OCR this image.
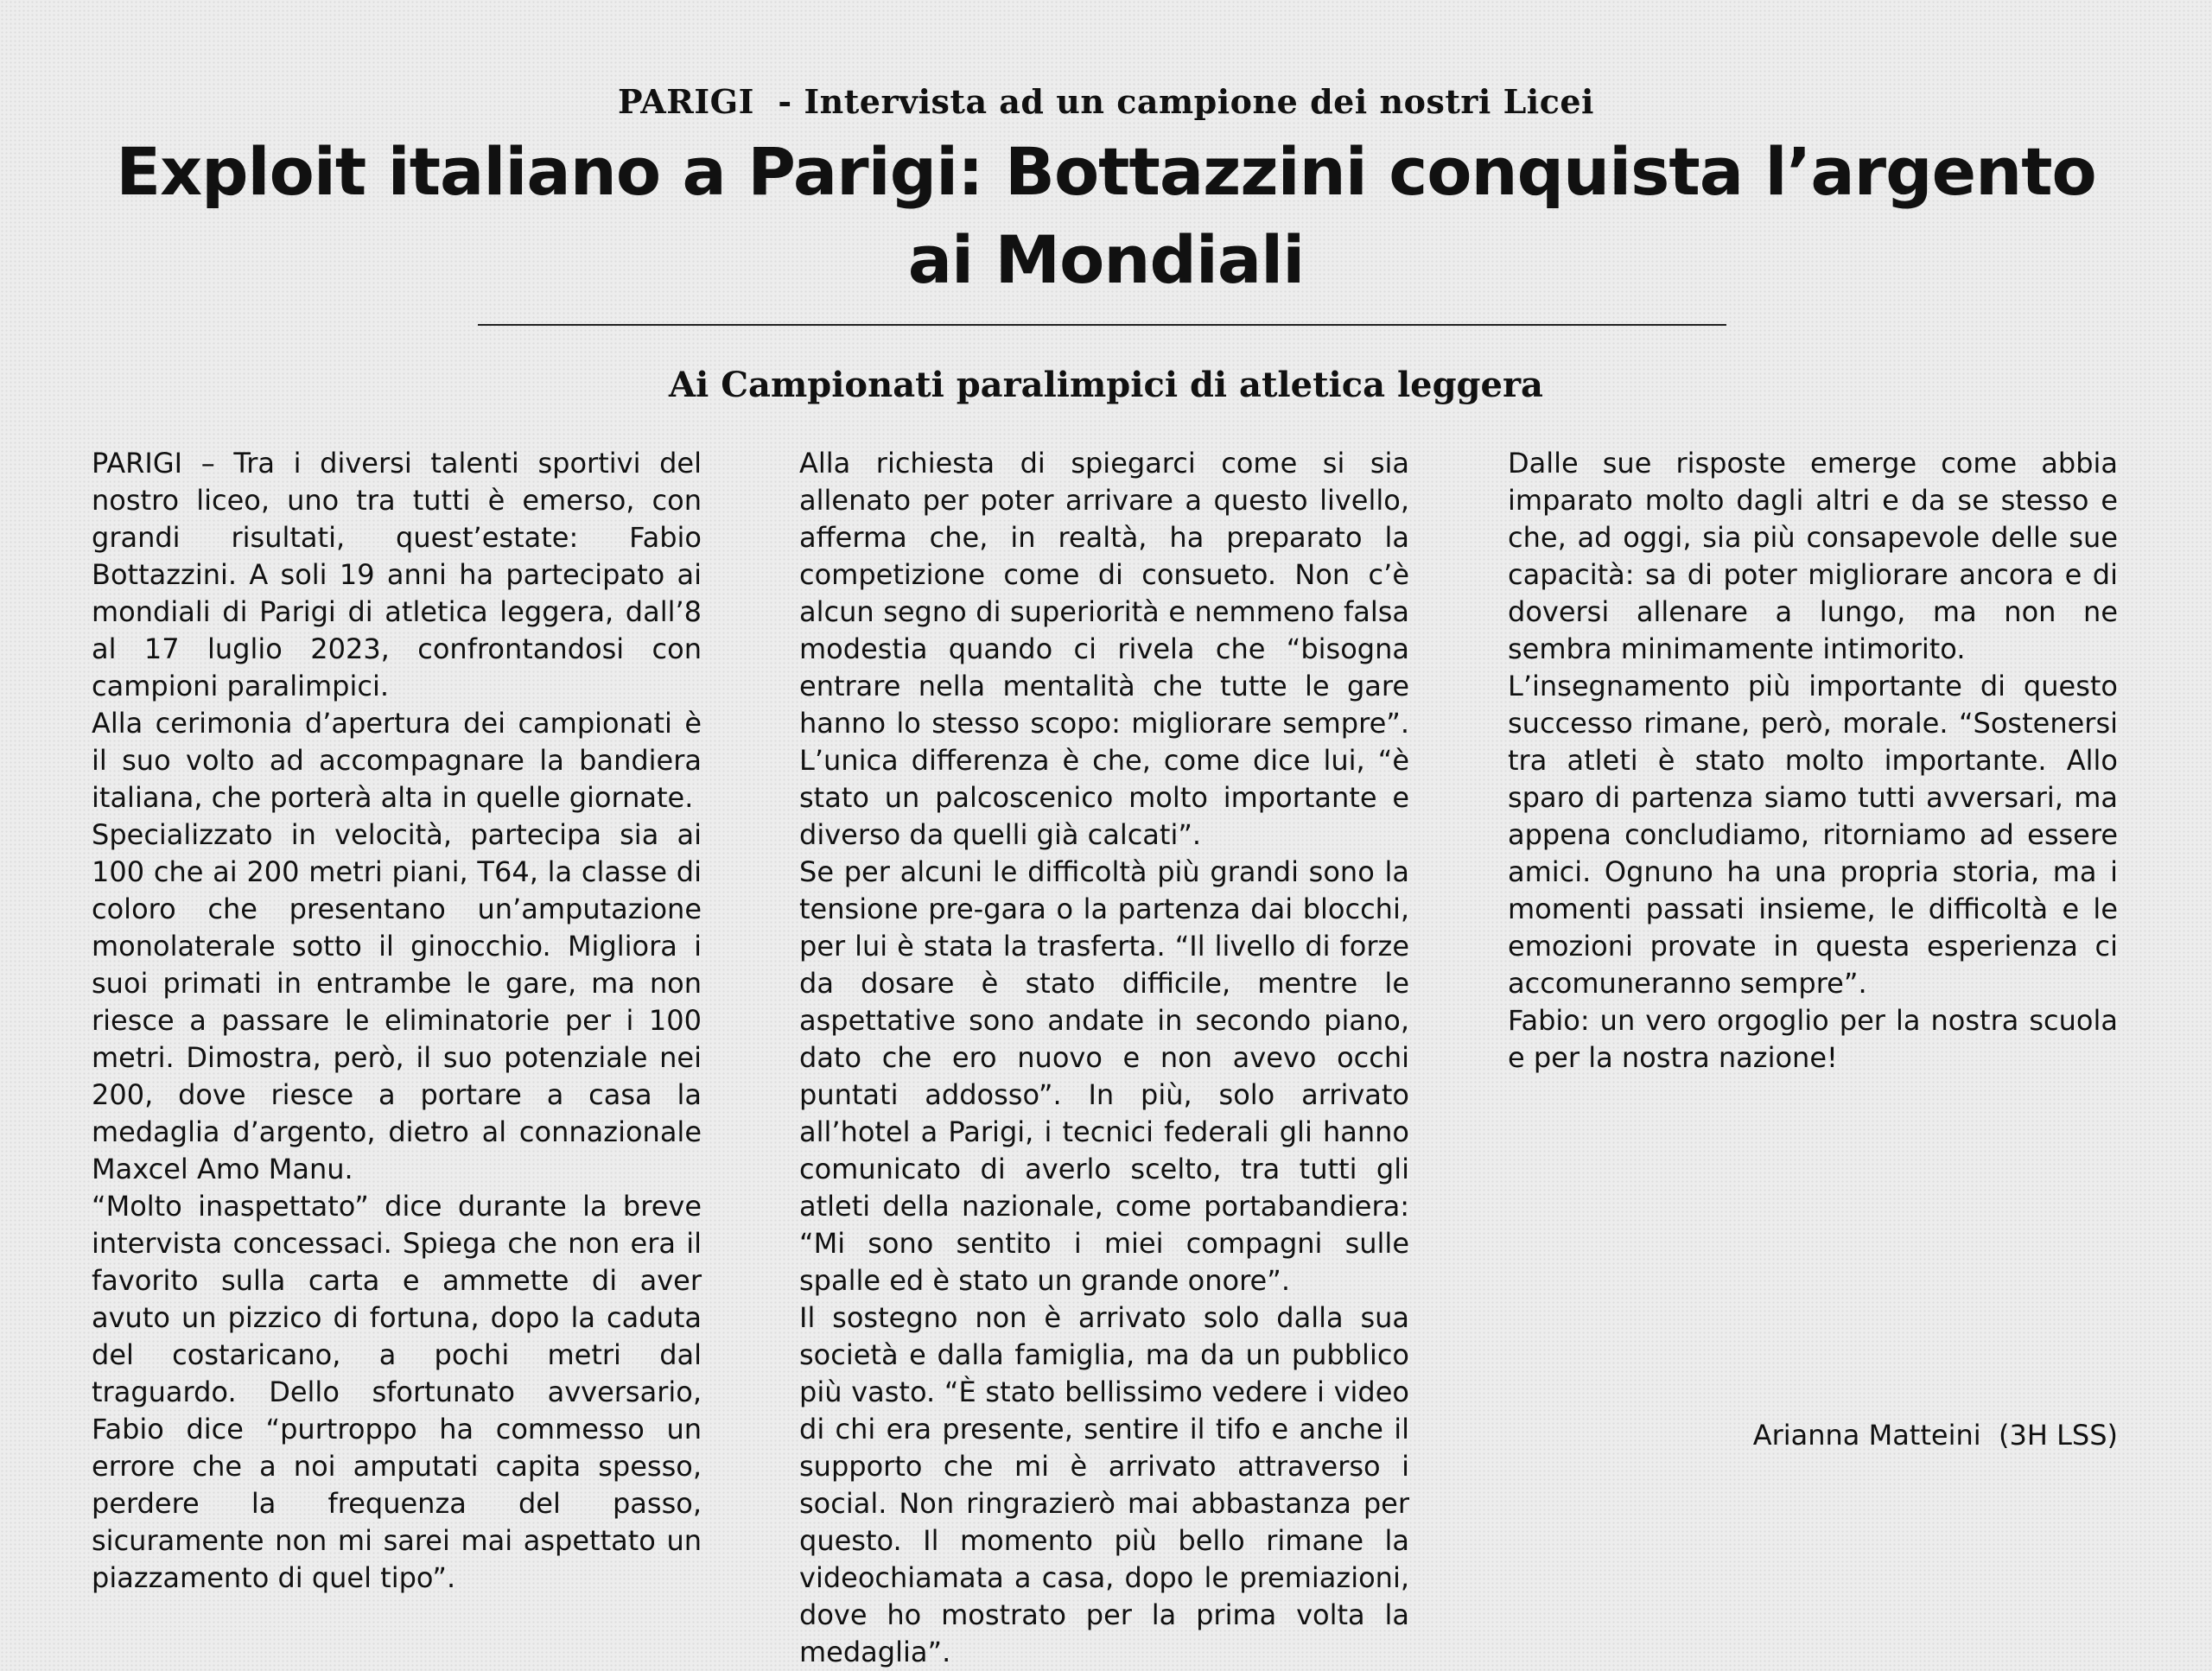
PARIGI  - Intervista ad un campione dei nostri Licei
Exploit italiano a Parigi: Bottazzini conquista l’argento ai Mondiali
Ai Campionati paralimpici di atletica leggera

PARIGI – Tra i diversi talenti sportivi del nostro liceo, uno tra tutti è emerso, con grandi risultati, quest’estate: Fabio Bottazzini. A soli 19 anni ha partecipato ai mondiali di Parigi di atletica leggera, dall’8 al 17 luglio 2023, confrontandosi con campioni paralimpici.

Alla cerimonia d’apertura dei campionati è il suo volto ad accompagnare la bandiera italiana, che porterà alta in quelle giornate.

Specializzato in velocità, partecipa sia ai 100 che ai 200 metri piani, T64, la classe di coloro che presentano un’amputazione monolaterale sotto il ginocchio. Migliora i suoi primati in entrambe le gare, ma non riesce a passare le eliminatorie per i 100 metri. Dimostra, però, il suo potenziale nei 200, dove riesce a portare a casa la medaglia d’argento, dietro al connazionale Maxcel Amo Manu.

“Molto inaspettato” dice durante la breve intervista concessaci. Spiega che non era il favorito sulla carta e ammette di aver avuto un pizzico di fortuna, dopo la caduta del costaricano, a pochi metri dal traguardo. Dello sfortunato avversario, Fabio dice “purtroppo ha commesso un errore che a noi amputati capita spesso, perdere la frequenza del passo, sicuramente non mi sarei mai aspettato un piazzamento di quel tipo”.

Alla richiesta di spiegarci come si sia allenato per poter arrivare a questo livello, afferma che, in realtà, ha preparato la competizione come di consueto. Non c’è alcun segno di superiorità e nemmeno falsa modestia quando ci rivela che “bisogna entrare nella mentalità che tutte le gare hanno lo stesso scopo: migliorare sempre”. L’unica differenza è che, come dice lui, “è stato un palcoscenico molto importante e diverso da quelli già calcati”.

Se per alcuni le difficoltà più grandi sono la tensione pre-gara o la partenza dai blocchi, per lui è stata la trasferta. “Il livello di forze da dosare è stato difficile, mentre le aspettative sono andate in secondo piano, dato che ero nuovo e non avevo occhi puntati addosso”. In più, solo arrivato all’hotel a Parigi, i tecnici federali gli hanno comunicato di averlo scelto, tra tutti gli atleti della nazionale, come portabandiera: “Mi sono sentito i miei compagni sulle spalle ed è stato un grande onore”.

Il sostegno non è arrivato solo dalla sua società e dalla famiglia, ma da un pubblico più vasto. “È stato bellissimo vedere i video di chi era presente, sentire il tifo e anche il supporto che mi è arrivato attraverso i social. Non ringrazierò mai abbastanza per questo. Il momento più bello rimane la videochiamata a casa, dopo le premiazioni, dove ho mostrato per la prima volta la medaglia”.

Dalle sue risposte emerge come abbia imparato molto dagli altri e da se stesso e che, ad oggi, sia più consapevole delle sue capacità: sa di poter migliorare ancora e di doversi allenare a lungo, ma non ne sembra minimamente intimorito.

L’insegnamento più importante di questo successo rimane, però, morale. “Sostenersi tra atleti è stato molto importante. Allo sparo di partenza siamo tutti avversari, ma appena concludiamo, ritorniamo ad essere amici. Ognuno ha una propria storia, ma i momenti passati insieme, le difficoltà e le emozioni provate in questa esperienza ci accomuneranno sempre”.

Fabio: un vero orgoglio per la nostra scuola e per la nostra nazione!

Arianna Matteini  (3H LSS)
